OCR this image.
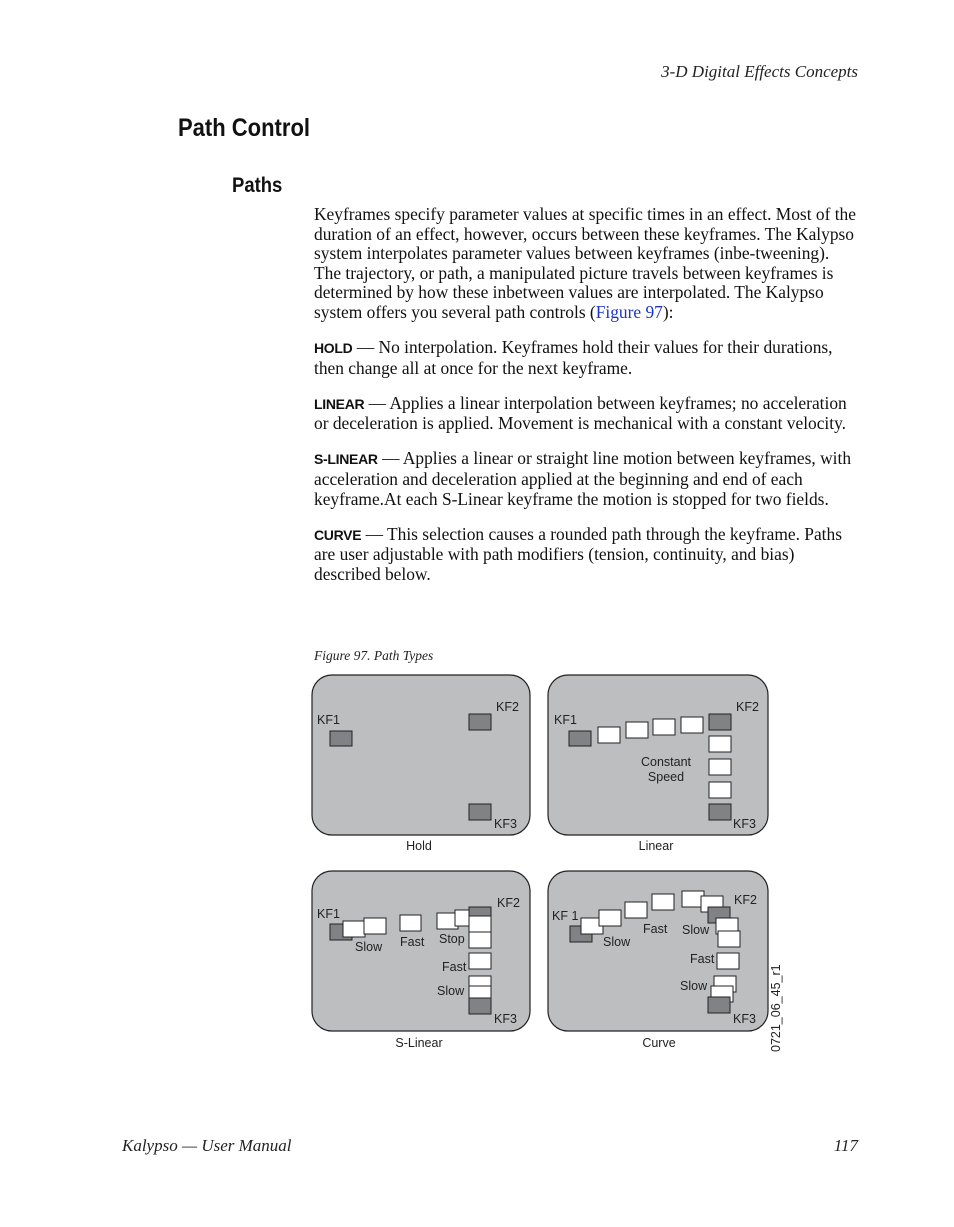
3-D Digital Effects Concepts
Path Control
Paths

Keyframes specify parameter values at specific times in an effect. Most of the duration of an effect, however, occurs between these keyframes. The Kalypso system interpolates parameter values between keyframes (inbe-tweening). The trajectory, or path, a manipulated picture travels between keyframes is determined by how these inbetween values are interpolated. The Kalypso system offers you several path controls (Figure 97):

HOLD — No interpolation. Keyframes hold their values for their durations, then change all at once for the next keyframe.

LINEAR — Applies a linear interpolation between keyframes; no acceleration or deceleration is applied. Movement is mechanical with a constant velocity.

S-LINEAR — Applies a linear or straight line motion between keyframes, with acceleration and deceleration applied at the beginning and end of each keyframe.At each S-Linear keyframe the motion is stopped for two fields.

CURVE — This selection causes a rounded path through the keyframe. Paths are user adjustable with path modifiers (tension, continuity, and bias) described below.

Figure 97. Path Types
KF1
KF2
KF3
Hold
KF1
KF2
KF3
Constant
Speed
Linear
KF1
Slow Fast Stop
KF2
Fast
Slow
KF3
S-Linear
KF 1
Slow
Fast Slow
KF2
Fast
Slow
KF3
Curve	0721_06_45_r1
Kalypso — User Manual	117
